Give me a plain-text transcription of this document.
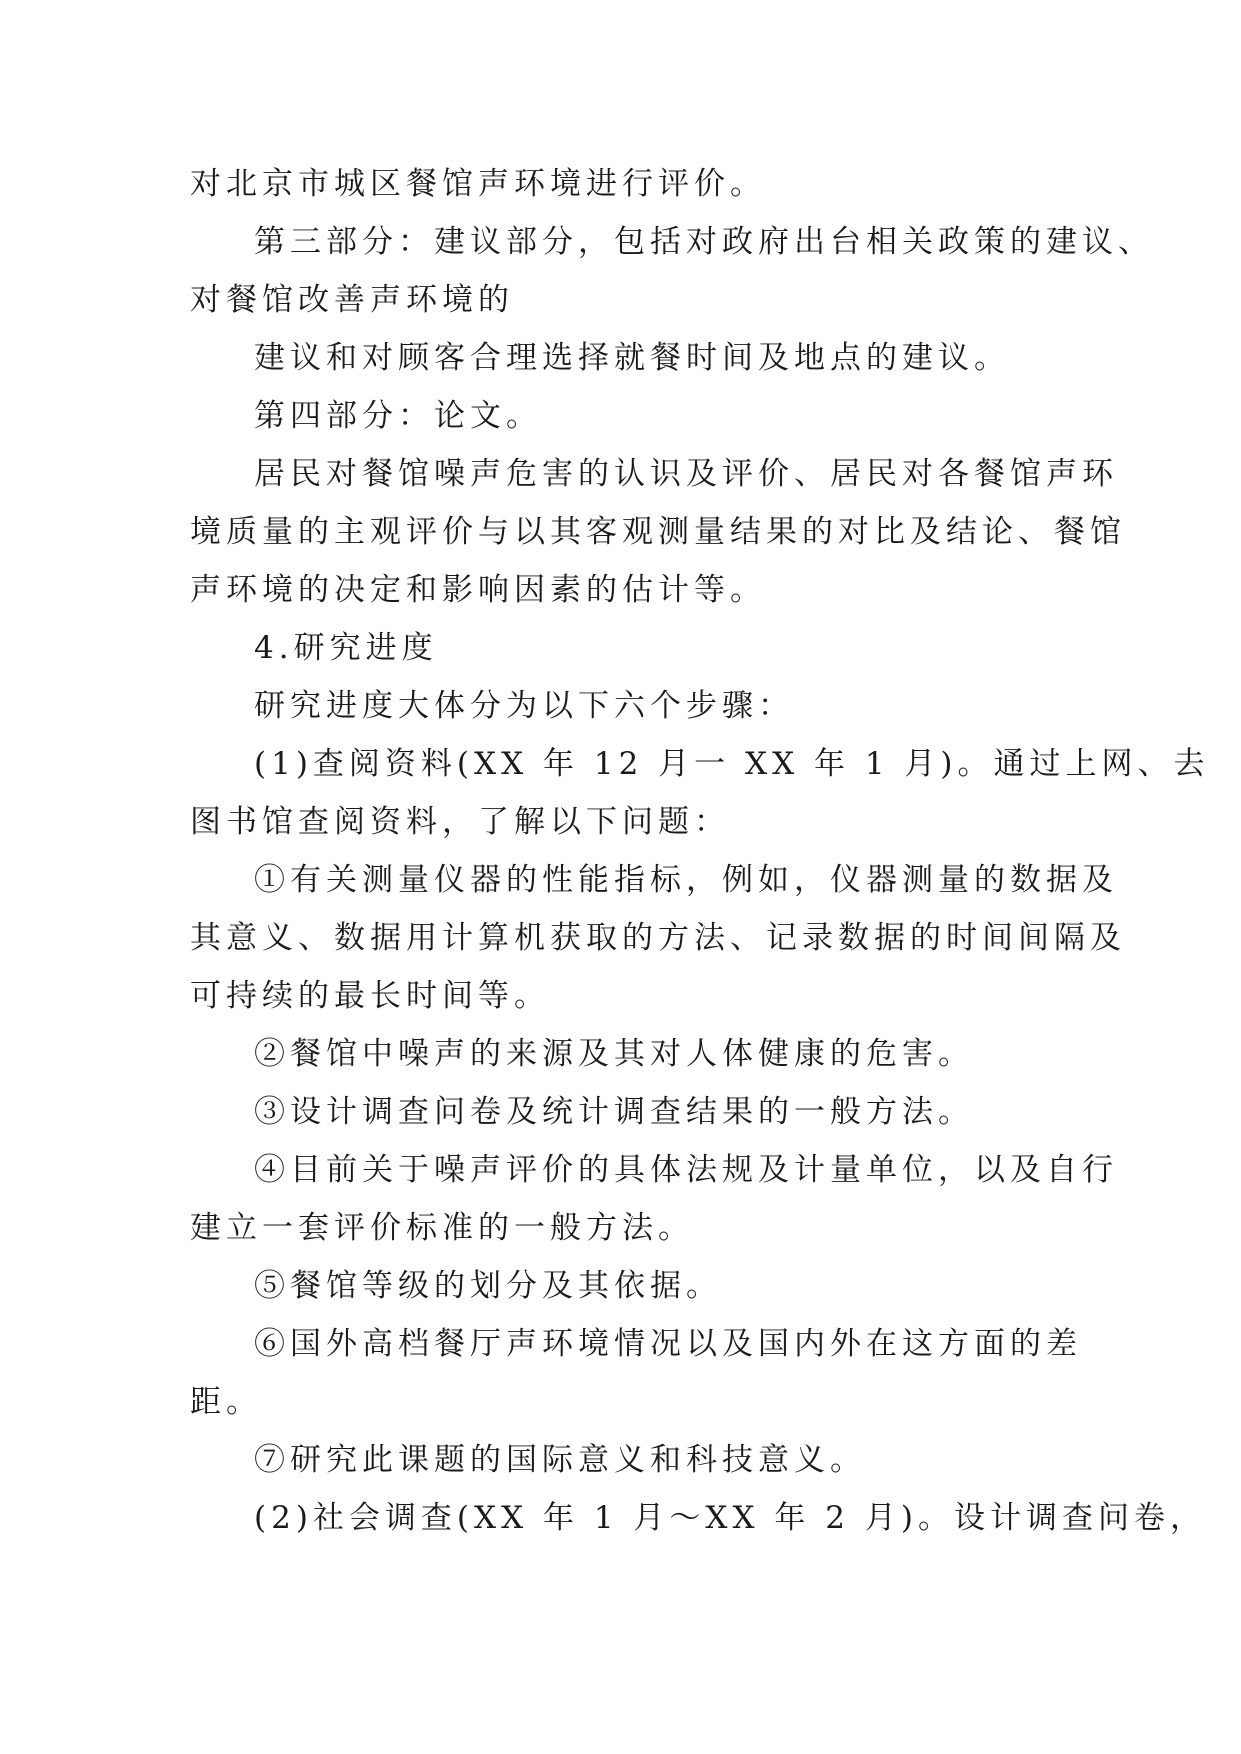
对北京市城区餐馆声环境进行评价。
第三部分：建议部分，包括对政府出台相关政策的建议、
对餐馆改善声环境的
建议和对顾客合理选择就餐时间及地点的建议。
第四部分：论文。
居民对餐馆噪声危害的认识及评价、居民对各餐馆声环
境质量的主观评价与以其客观测量结果的对比及结论、餐馆
声环境的决定和影响因素的估计等。
4.研究进度
研究进度大体分为以下六个步骤：
(1)查阅资料(XX 年 12 月一 XX 年 1 月)。通过上网、去
图书馆查阅资料，了解以下问题：
①有关测量仪器的性能指标，例如，仪器测量的数据及
其意义、数据用计算机获取的方法、记录数据的时间间隔及
可持续的最长时间等。
②餐馆中噪声的来源及其对人体健康的危害。
③设计调查问卷及统计调查结果的一般方法。
④目前关于噪声评价的具体法规及计量单位，以及自行
建立一套评价标准的一般方法。
⑤餐馆等级的划分及其依据。
⑥国外高档餐厅声环境情况以及国内外在这方面的差
距。
⑦研究此课题的国际意义和科技意义。
(2)社会调查(XX 年 1 月～XX 年 2 月)。设计调查问卷，
